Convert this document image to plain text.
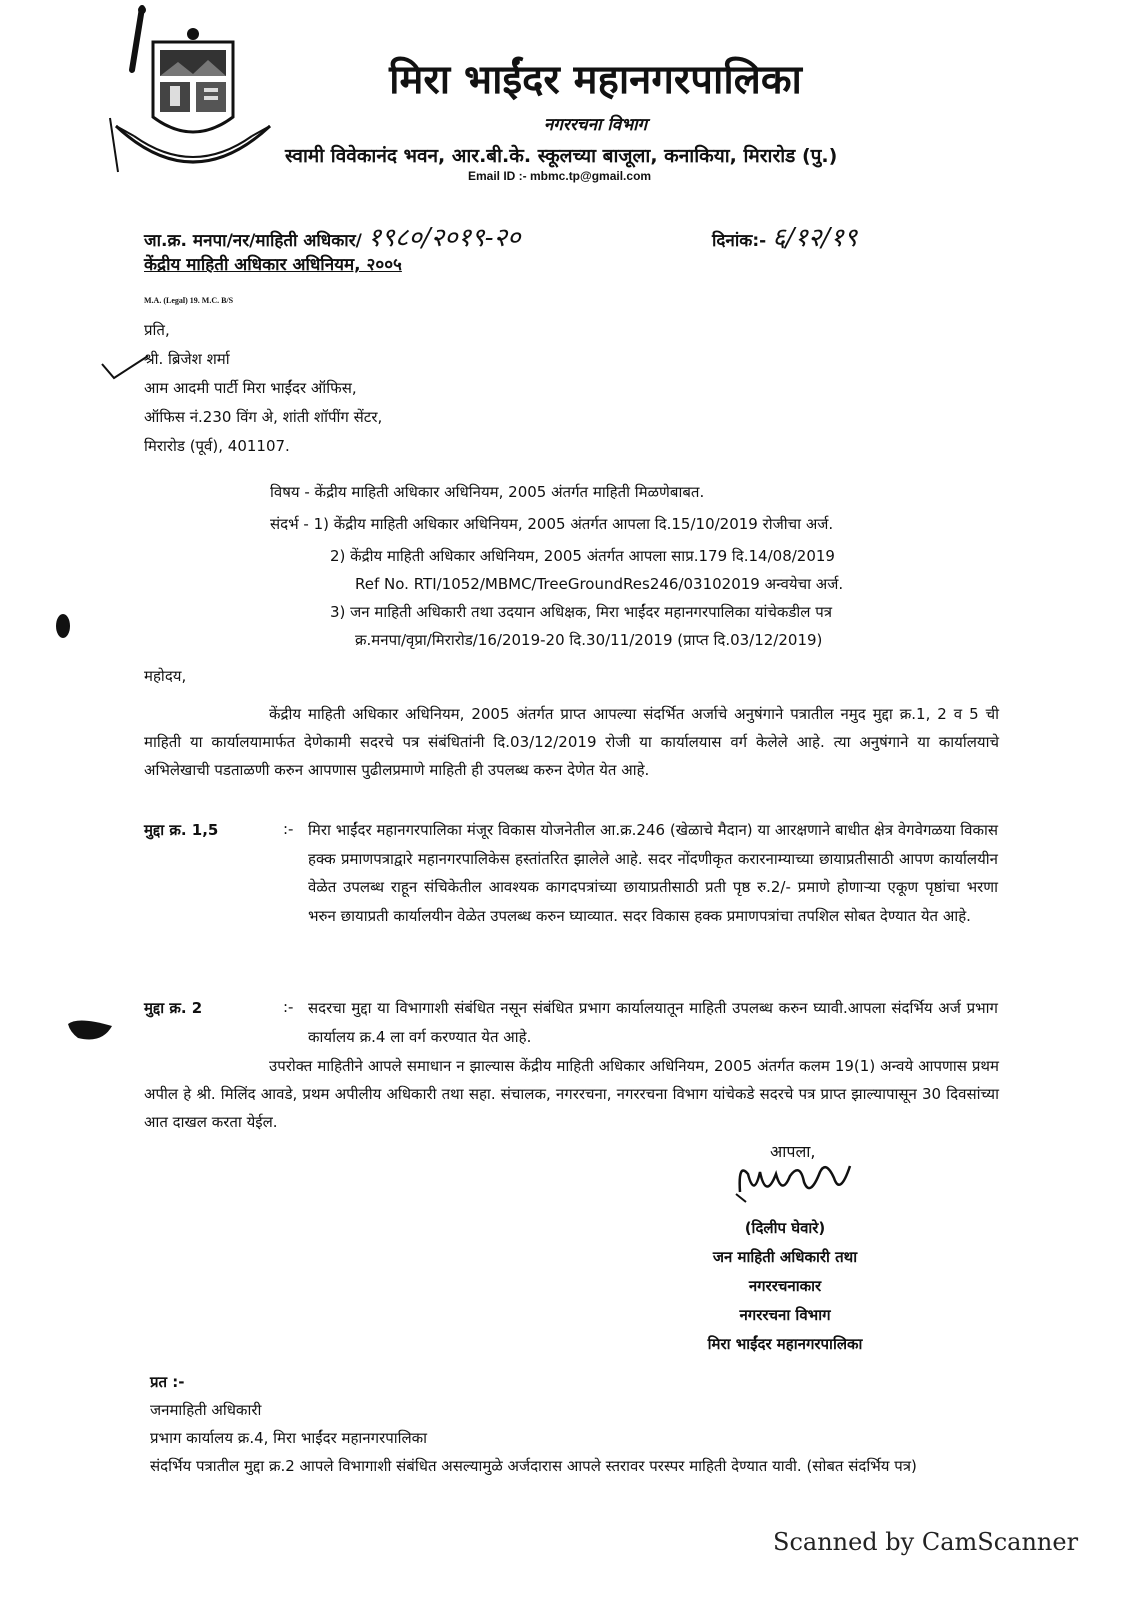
मिरा भाईंदर महानगरपालिका
नगररचना विभाग
स्वामी विवेकानंद भवन, आर.बी.के. स्कूलच्या बाजूला, कनाकिया, मिरारोड (पु.)
Email ID :- mbmc.tp@gmail.com
जा.क्र. मनपा/नर/माहिती अधिकार/ १९८०/२०१९-२०	दिनांक:- ६/१२/१९
केंद्रीय माहिती अधिकार अधिनियम, २००५
M.A. (Legal) 19. M.C. B/S
प्रति,
श्री. ब्रिजेश शर्मा
आम आदमी पार्टी मिरा भाईंदर ऑफिस,
ऑफिस नं.230 विंग अे, शांती शॉपींग सेंटर,
मिरारोड (पूर्व), 401107.
विषय - केंद्रीय माहिती अधिकार अधिनियम, 2005 अंतर्गत माहिती मिळणेबाबत.
संदर्भ - 1) केंद्रीय माहिती अधिकार अधिनियम, 2005 अंतर्गत आपला दि.15/10/2019 रोजीचा अर्ज.
2) केंद्रीय माहिती अधिकार अधिनियम, 2005 अंतर्गत आपला साप्र.179 दि.14/08/2019
Ref No. RTI/1052/MBMC/TreeGroundRes246/03102019 अन्वयेचा अर्ज.
3) जन माहिती अधिकारी तथा उदयान अधिक्षक, मिरा भाईंदर महानगरपालिका यांचेकडील पत्र
क्र.मनपा/वृप्रा/मिरारोड/16/2019-20 दि.30/11/2019 (प्राप्त दि.03/12/2019)
महोदय,
केंद्रीय माहिती अधिकार अधिनियम, 2005 अंतर्गत प्राप्त आपल्या संदर्भित अर्जाचे अनुषंगाने पत्रातील नमुद मुद्दा क्र.1, 2 व 5 ची माहिती या कार्यालयामार्फत देणेकामी सदरचे पत्र संबंधितांनी दि.03/12/2019 रोजी या कार्यालयास वर्ग केलेले आहे. त्या अनुषंगाने या कार्यालयाचे अभिलेखाची पडताळणी करुन आपणास पुढीलप्रमाणे माहिती ही उपलब्ध करुन देणेत येत आहे.
मुद्दा क्र. 1,5	:- मिरा भाईंदर महानगरपालिका मंजूर विकास योजनेतील आ.क्र.246 (खेळाचे मैदान) या आरक्षणाने बाधीत क्षेत्र वेगवेगळया विकास हक्क प्रमाणपत्राद्वारे महानगरपालिकेस हस्तांतरित झालेले आहे. सदर नोंदणीकृत करारनाम्याच्या छायाप्रतीसाठी आपण कार्यालयीन वेळेत उपलब्ध राहून संचिकेतील आवश्यक कागदपत्रांच्या छायाप्रतीसाठी प्रती पृष्ठ रु.2/- प्रमाणे होणाऱ्या एकूण पृष्ठांचा भरणा भरुन छायाप्रती कार्यालयीन वेळेत उपलब्ध करुन घ्याव्यात. सदर विकास हक्क प्रमाणपत्रांचा तपशिल सोबत देण्यात येत आहे.
मुद्दा क्र. 2	:- सदरचा मुद्दा या विभागाशी संबंधित नसून संबंधित प्रभाग कार्यालयातून माहिती उपलब्ध करुन घ्यावी.आपला संदर्भिय अर्ज प्रभाग कार्यालय क्र.4 ला वर्ग करण्यात येत आहे.
उपरोक्त माहितीने आपले समाधान न झाल्यास केंद्रीय माहिती अधिकार अधिनियम, 2005 अंतर्गत कलम 19(1) अन्वये आपणास प्रथम अपील हे श्री. मिलिंद आवडे, प्रथम अपीलीय अधिकारी तथा सहा. संचालक, नगररचना, नगररचना विभाग यांचेकडे सदरचे पत्र प्राप्त झाल्यापासून 30 दिवसांच्या आत दाखल करता येईल.
आपला,
(दिलीप घेवारे)
जन माहिती अधिकारी तथा
नगररचनाकार
नगररचना विभाग
मिरा भाईंदर महानगरपालिका
प्रत :-
जनमाहिती अधिकारी
प्रभाग कार्यालय क्र.4, मिरा भाईंदर महानगरपालिका
संदर्भिय पत्रातील मुद्दा क्र.2 आपले विभागाशी संबंधित असल्यामुळे अर्जदारास आपले स्तरावर परस्पर माहिती देण्यात यावी. (सोबत संदर्भिय पत्र)
Scanned by CamScanner
